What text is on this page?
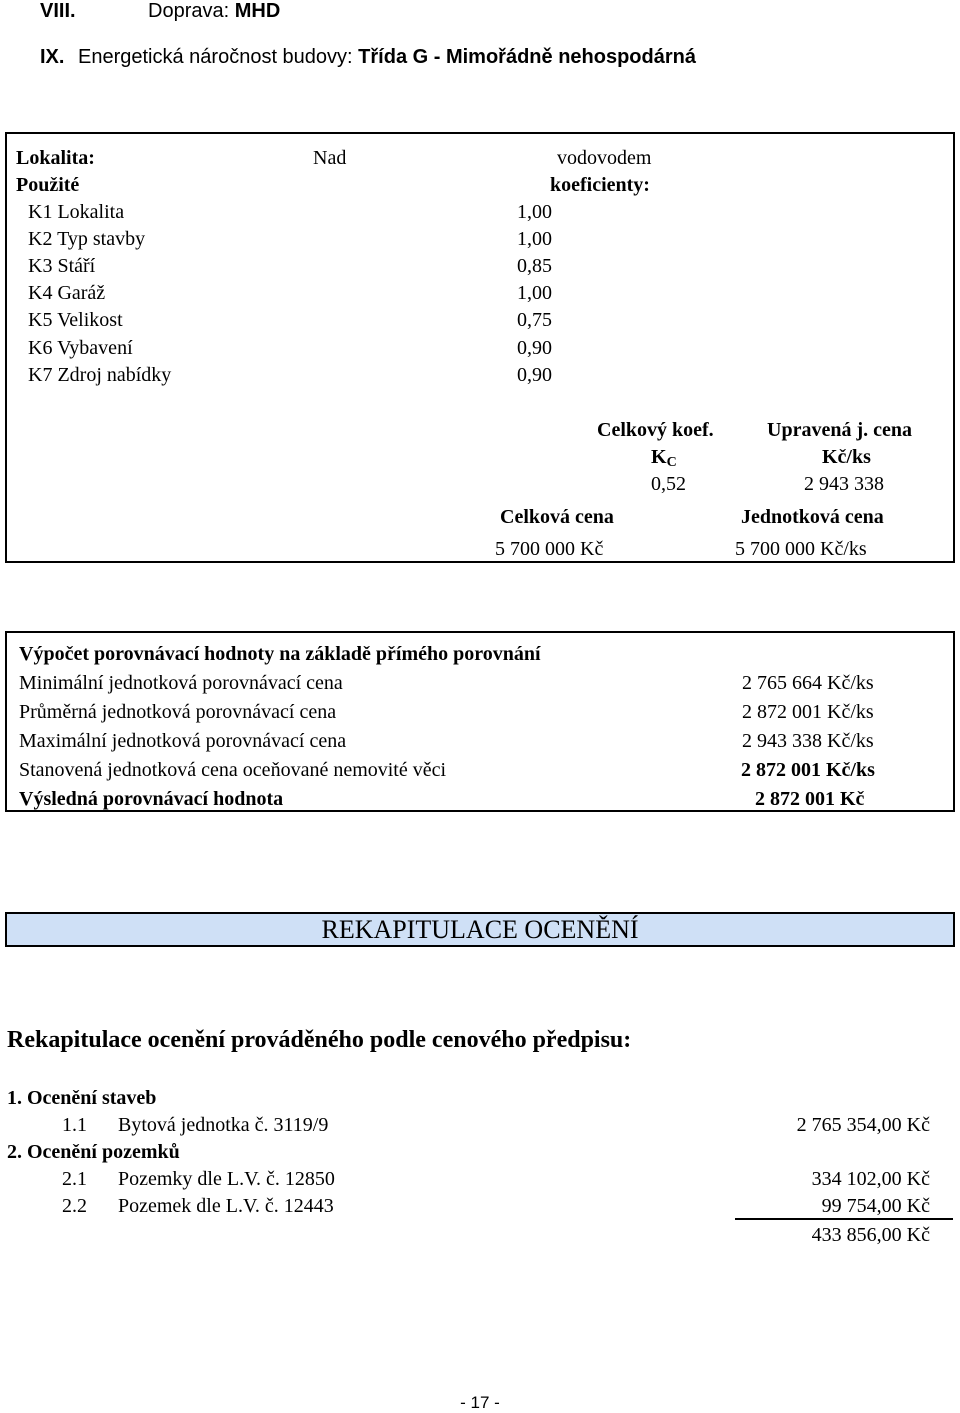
VIII.	Doprava: MHD
IX. Energetická náročnost budovy: Třída G - Mimořádně nehospodárná
Lokalita:	Nad	vodovodem
Použité	koeficienty:
K1 Lokalita	1,00
K2 Typ stavby	1,00
K3 Stáří	0,85
K4 Garáž	1,00
K5 Velikost	0,75
K6 Vybavení	0,90
K7 Zdroj nabídky	0,90
Celkový koef.	Upravená j. cena
$K_C$	Kč/ks
0,52	2 943 338
Celková cena	Jednotková cena
5 700 000 Kč	5 700 000 Kč/ks
Výpočet porovnávací hodnoty na základě přímého porovnání
Minimální jednotková porovnávací cena	2 765 664 Kč/ks
Průměrná jednotková porovnávací cena	2 872 001 Kč/ks
Maximální jednotková porovnávací cena	2 943 338 Kč/ks
Stanovená jednotková cena oceňované nemovité věci	2 872 001 Kč/ks
Výsledná porovnávací hodnota	2 872 001 Kč
REKAPITULACE OCENĚNÍ
Rekapitulace ocenění prováděného podle cenového předpisu:
1. Ocenění staveb
1.1 Bytová jednotka č. 3119/9	2 765 354,00 Kč
2. Ocenění pozemků
2.1 Pozemky dle L.V. č. 12850	334 102,00 Kč
2.2 Pozemek dle L.V. č. 12443	99 754,00 Kč
433 856,00 Kč
- 17 -
